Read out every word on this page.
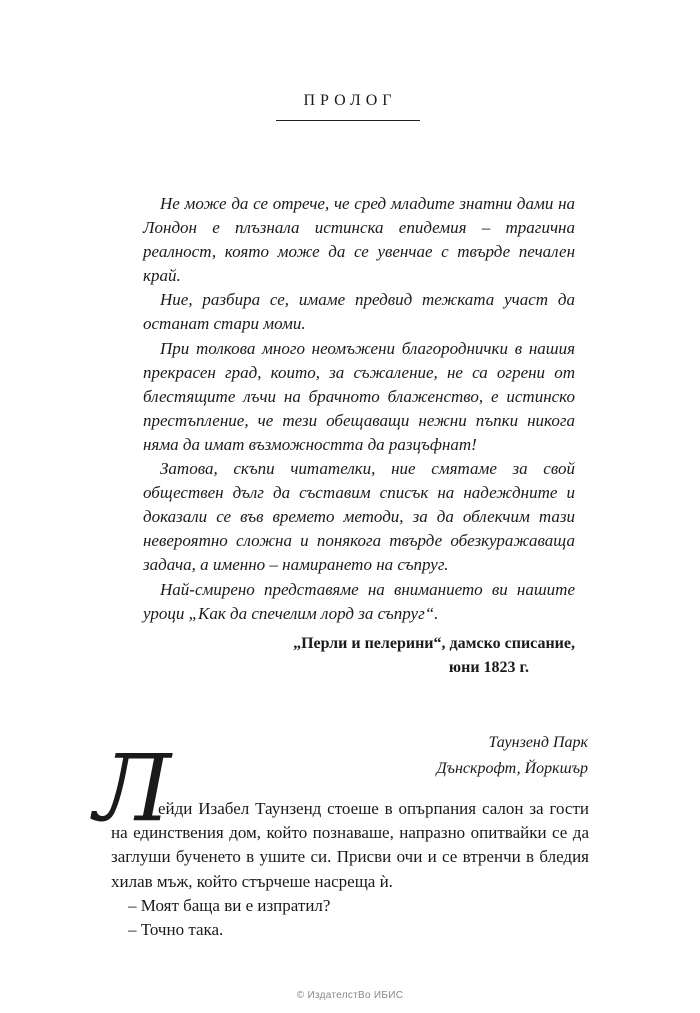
ПРОЛОГ

Не може да се отрече, че сред младите знатни дами на Лондон е плъзнала истинска епидемия – трагична реалност, която може да се увенчае с твърде печален край.

Ние, разбира се, имаме предвид тежката участ да останат стари моми.

При толкова много неомъжени благороднички в нашия прекрасен град, които, за съжаление, не са огрени от блестящите лъчи на брачното блаженство, е истинско престъпление, че тези обещаващи нежни пъпки никога няма да имат възможността да разцъфнат!

Затова, скъпи читателки, ние смятаме за свой обществен дълг да съставим списък на надеждните и доказали се във времето методи, за да облекчим тази невероятно сложна и понякога твърде обезкуражаваща задача, а именно – намирането на съпруг.

Най-смирено представяме на вниманието ви нашите уроци „Как да спечелим лорд за съпруг“.

„Перли и пелерини“, дамско списание,
юни 1823 г.
Таунзенд Парк
Дънскрофт, Йоркшър
Л

ейди Изабел Таунзенд стоеше в опърпания салон за гости на единствения дом, който познаваше, напразно опитвайки се да заглуши бученето в ушите си. Присви очи и се втренчи в бледия хилав мъж, който стърчеше насреща ѝ.

– Моят баща ви е изпратил?

– Точно така.

© ИздателстВо ИБИС
